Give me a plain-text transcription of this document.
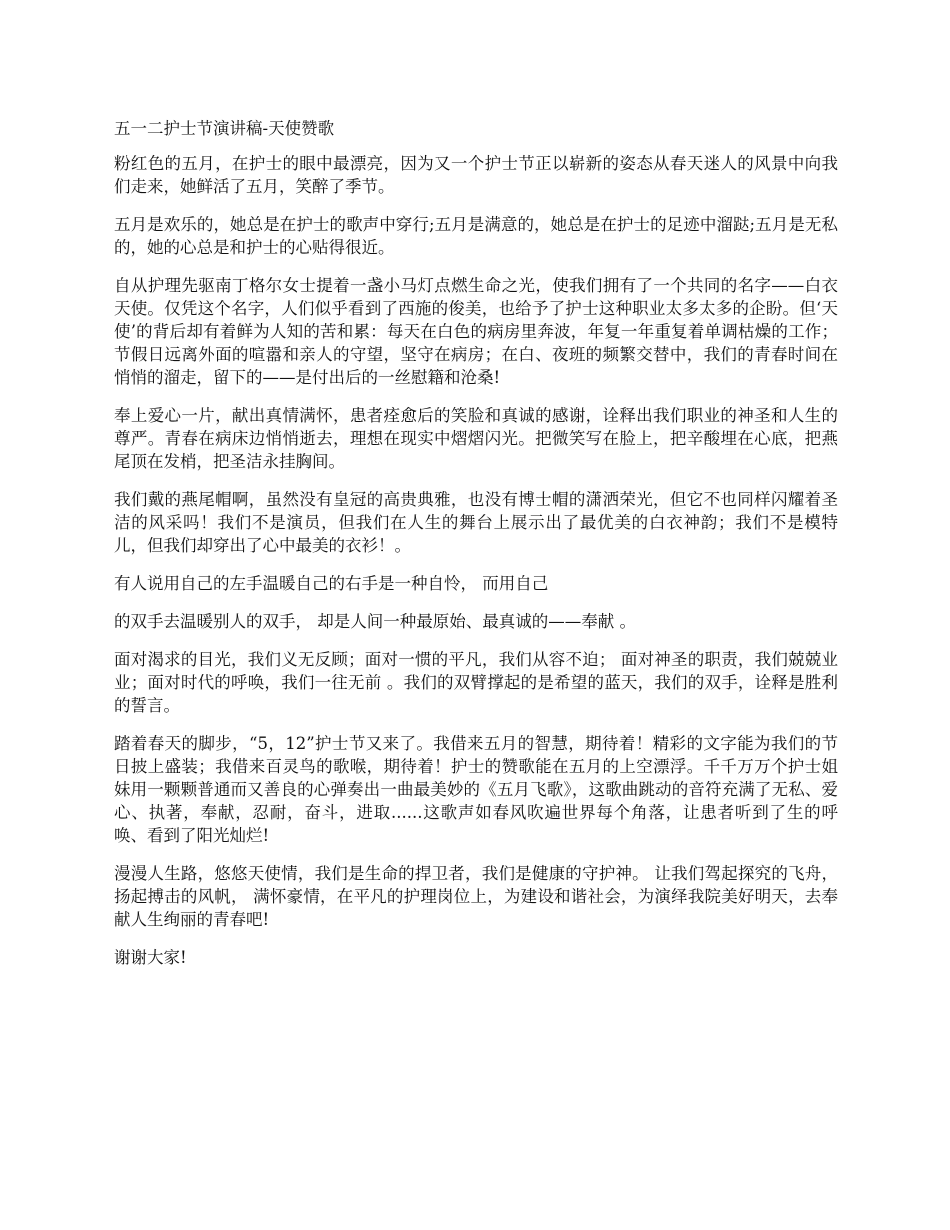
五一二护士节演讲稿-天使赞歌

粉红色的五月，在护士的眼中最漂亮，因为又一个护士节正以崭新的姿态从春天迷人的风景中向我们走来，她鲜活了五月，笑醉了季节。

五月是欢乐的，她总是在护士的歌声中穿行;五月是满意的，她总是在护士的足迹中溜跶;五月是无私的，她的心总是和护士的心贴得很近。

自从护理先驱南丁格尔女士提着一盏小马灯点燃生命之光，使我们拥有了一个共同的名字——白衣天使。仅凭这个名字，人们似乎看到了西施的俊美，也给予了护士这种职业太多太多的企盼。但‘天使’的背后却有着鲜为人知的苦和累：每天在白色的病房里奔波，年复一年重复着单调枯燥的工作；节假日远离外面的喧嚣和亲人的守望，坚守在病房；在白、夜班的频繁交替中，我们的青春时间在悄悄的溜走，留下的——是付出后的一丝慰籍和沧桑!

奉上爱心一片，献出真情满怀，患者痊愈后的笑脸和真诚的感谢，诠释出我们职业的神圣和人生的尊严。青春在病床边悄悄逝去，理想在现实中熠熠闪光。把微笑写在脸上，把辛酸埋在心底，把燕尾顶在发梢，把圣洁永挂胸间。

我们戴的燕尾帽啊，虽然没有皇冠的高贵典雅，也没有博士帽的潇洒荣光，但它不也同样闪耀着圣洁的风采吗！我们不是演员，但我们在人生的舞台上展示出了最优美的白衣神韵；我们不是模特儿，但我们却穿出了心中最美的衣衫！。

有人说用自己的左手温暖自己的右手是一种自怜， 而用自己

的双手去温暖别人的双手， 却是人间一种最原始、最真诚的——奉献 。

面对渴求的目光，我们义无反顾；面对一惯的平凡，我们从容不迫； 面对神圣的职责，我们兢兢业业；面对时代的呼唤，我们一往无前 。我们的双臂撑起的是希望的蓝天，我们的双手，诠释是胜利的誓言。

踏着春天的脚步，“5，12”护士节又来了。我借来五月的智慧，期待着！精彩的文字能为我们的节日披上盛装；我借来百灵鸟的歌喉，期待着！护士的赞歌能在五月的上空漂浮。千千万万个护士姐妹用一颗颗普通而又善良的心弹奏出一曲最美妙的《五月飞歌》，这歌曲跳动的音符充满了无私、爱心、执著，奉献，忍耐，奋斗，进取......这歌声如春风吹遍世界每个角落，让患者听到了生的呼唤、看到了阳光灿烂!

漫漫人生路，悠悠天使情，我们是生命的捍卫者，我们是健康的守护神。 让我们驾起探究的飞舟， 扬起搏击的风帆， 满怀豪情，在平凡的护理岗位上，为建设和谐社会，为演绎我院美好明天，去奉献人生绚丽的青春吧!

谢谢大家!
